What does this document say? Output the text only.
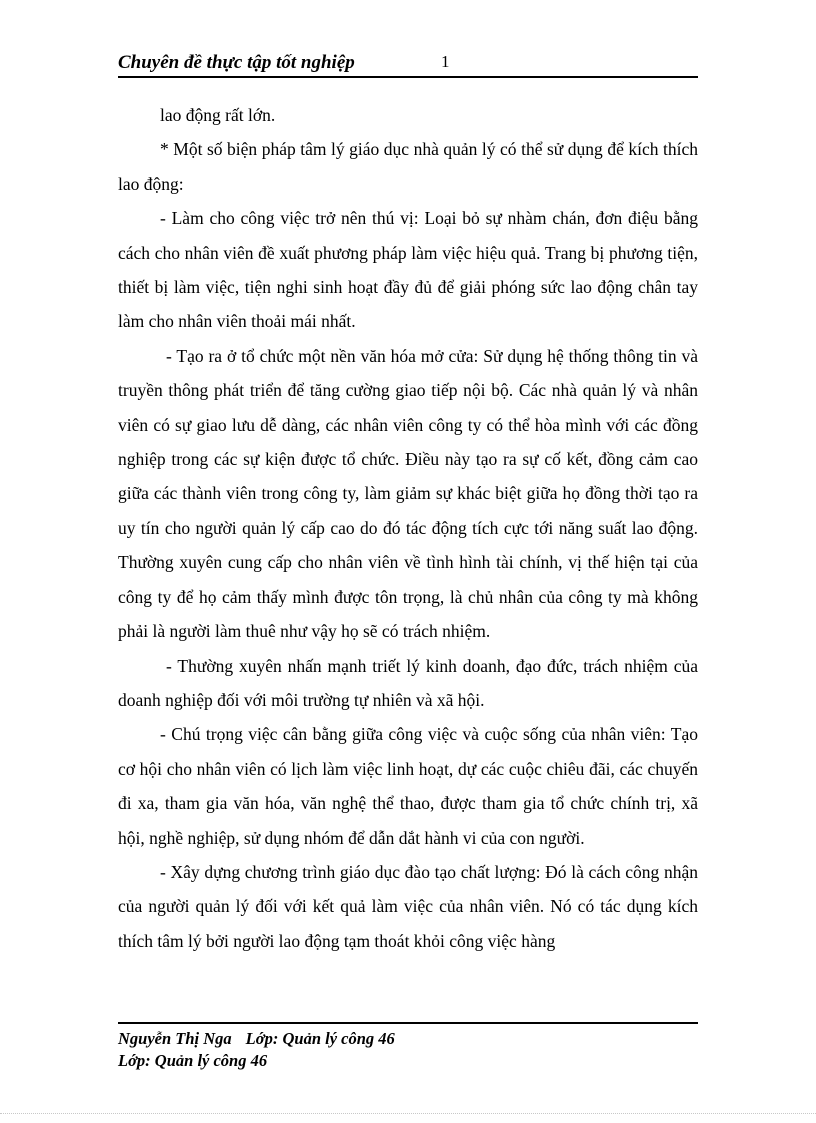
Chuyên đề thực tập tốt nghiệp	1

lao động rất lớn.

* Một số biện pháp tâm lý giáo dục nhà quản lý có thể sử dụng để kích thích lao động:

- Làm cho công việc trở nên thú vị: Loại bỏ sự nhàm chán, đơn điệu bằng cách cho nhân viên đề xuất phương pháp làm việc hiệu quả. Trang bị phương tiện, thiết bị làm việc, tiện nghi sinh hoạt đầy đủ để giải phóng sức lao động chân tay làm cho nhân viên thoải mái nhất.

- Tạo ra ở tổ chức một nền văn hóa mở cửa: Sử dụng hệ thống thông tin và truyền thông phát triển để tăng cường giao tiếp nội bộ. Các nhà quản lý và nhân viên có sự giao lưu dễ dàng, các nhân viên công ty có thể hòa mình với các đồng nghiệp trong các sự kiện được tổ chức. Điều này tạo ra sự cố kết, đồng cảm cao giữa các thành viên trong công ty, làm giảm sự khác biệt giữa họ đồng thời tạo ra uy tín cho người quản lý cấp cao do đó tác động tích cực tới năng suất lao động. Thường xuyên cung cấp cho nhân viên về tình hình tài chính, vị thế hiện tại của công ty để họ cảm thấy mình được tôn trọng, là chủ nhân của công ty mà không phải là người làm thuê như vậy họ sẽ có trách nhiệm.

- Thường xuyên nhấn mạnh triết lý kinh doanh, đạo đức, trách nhiệm của doanh nghiệp đối với môi trường tự nhiên và xã hội.

- Chú trọng việc cân bằng giữa công việc và cuộc sống của nhân viên: Tạo cơ hội cho nhân viên có lịch làm việc linh hoạt, dự các cuộc chiêu đãi, các chuyến đi xa, tham gia văn hóa, văn nghệ thể thao, được tham gia tổ chức chính trị, xã hội, nghề nghiệp, sử dụng nhóm để dẫn dắt hành vi của con người.

- Xây dựng chương trình giáo dục đào tạo chất lượng: Đó là cách công nhận của người quản lý đối với kết quả làm việc của nhân viên. Nó có tác dụng kích thích tâm lý bởi người lao động tạm thoát khỏi công việc hàng

Nguyễn Thị Nga Lớp: Quản lý công 46
Lớp: Quản lý công 46
